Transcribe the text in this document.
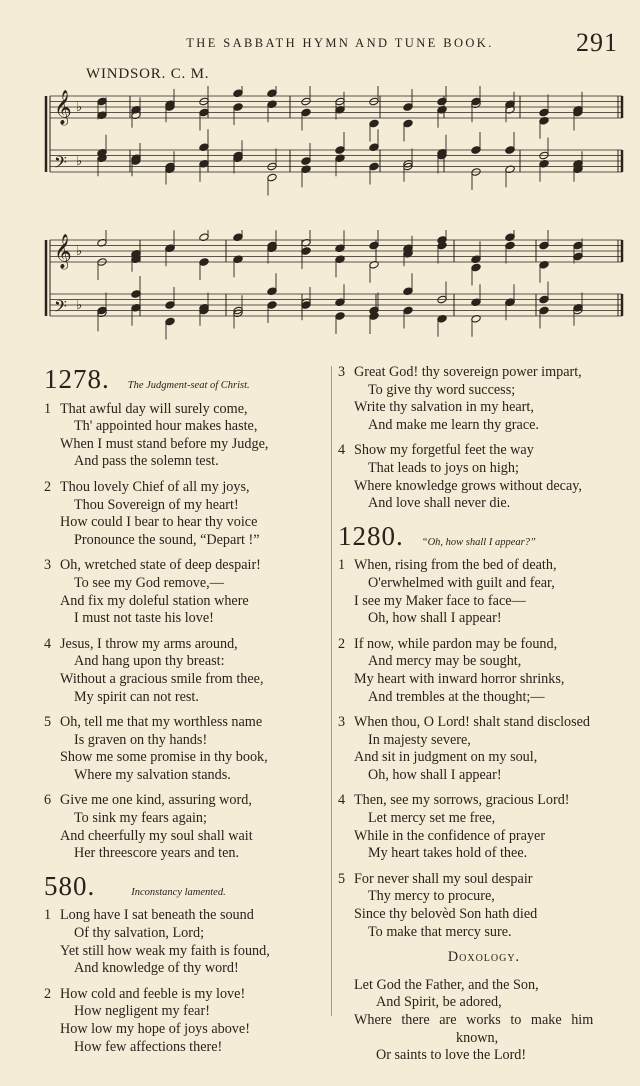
THE SABBATH HYMN AND TUNE BOOK.	291
WINDSOR. C. M.
𝄞 ♭
𝄢 ♭
𝄞 ♭
𝄢 ♭
1278. The Judgment-seat of Christ.
1 That awful day will surely come,
Th' appointed hour makes haste,
When I must stand before my Judge,
And pass the solemn test.
2 Thou lovely Chief of all my joys,
Thou Sovereign of my heart!
How could I bear to hear thy voice
Pronounce the sound, “Depart !”
3 Oh, wretched state of deep despair!
To see my God remove,—
And fix my doleful station where
I must not taste his love!
4 Jesus, I throw my arms around,
And hang upon thy breast:
Without a gracious smile from thee,
My spirit can not rest.
5 Oh, tell me that my worthless name
Is graven on thy hands!
Show me some promise in thy book,
Where my salvation stands.
6 Give me one kind, assuring word,
To sink my fears again;
And cheerfully my soul shall wait
Her threescore years and ten.
580.	Inconstancy lamented.
1 Long have I sat beneath the sound
Of thy salvation, Lord;
Yet still how weak my faith is found,
And knowledge of thy word!
2 How cold and feeble is my love!
How negligent my fear!
How low my hope of joys above!
How few affections there!
3 Great God! thy sovereign power impart,
To give thy word success;
Write thy salvation in my heart,
And make me learn thy grace.
4 Show my forgetful feet the way
That leads to joys on high;
Where knowledge grows without decay,
And love shall never die.
1280. “Oh, how shall I appear?”
1 When, rising from the bed of death,
O'erwhelmed with guilt and fear,
I see my Maker face to face—
Oh, how shall I appear!
2 If now, while pardon may be found,
And mercy may be sought,
My heart with inward horror shrinks,
And trembles at the thought;—
3 When thou, O Lord! shalt stand disclosed
In majesty severe,
And sit in judgment on my soul,
Oh, how shall I appear!
4 Then, see my sorrows, gracious Lord!
Let mercy set me free,
While in the confidence of prayer
My heart takes hold of thee.
5 For never shall my soul despair
Thy mercy to procure,
Since thy belovèd Son hath died
To make that mercy sure.
Doxology.
Let God the Father, and the Son,
And Spirit, be adored,
Where there are works to make him
known,
Or saints to love the Lord!
